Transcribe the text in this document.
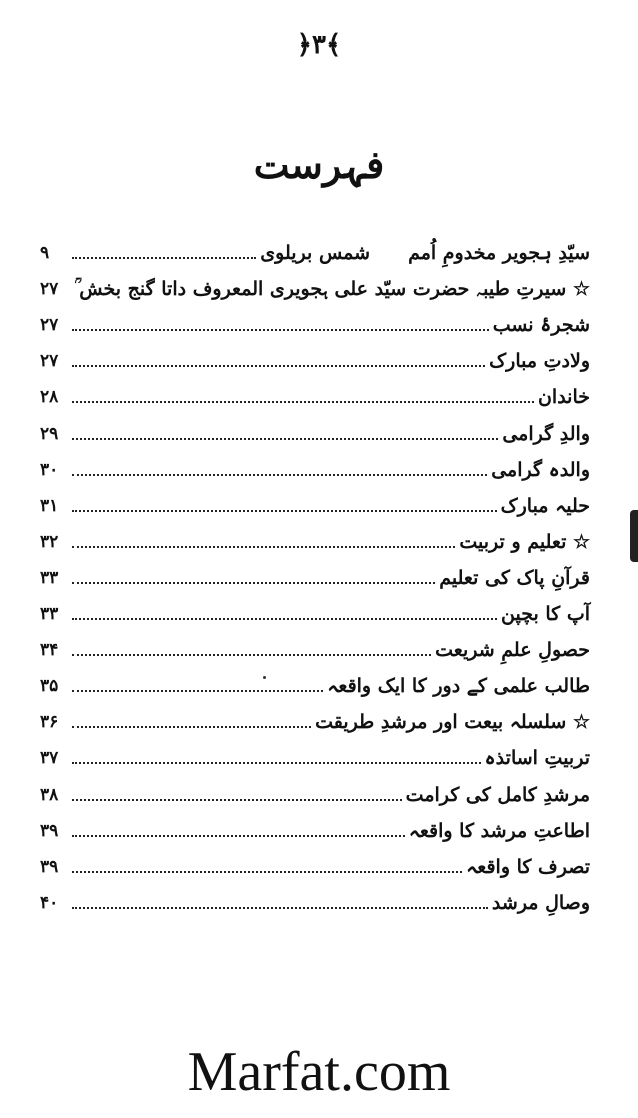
﴿۳﴾
فہرست
سیّدِ ہجویر مخدومِ اُمم
شمس بریلوی
۹
☆ سیرتِ طیبہ حضرت سیّد علی ہجویری المعروف داتا گنج بخش ؒ
۲۷
شجرۂ نسب
۲۷
ولادتِ مبارک
۲۷
خاندان
۲۸
والدِ گرامی
۲۹
والدہ گرامی
۳۰
حلیہ مبارک
۳۱
☆ تعلیم و تربیت
۳۲
قرآنِ پاک کی تعلیم
۳۳
آپ کا بچپن
۳۳
حصولِ علمِ شریعت
۳۴
طالب علمی کے دور کا ایک واقعہ
۳۵
☆ سلسلہ بیعت اور مرشدِ طریقت
۳۶
تربیتِ اساتذہ
۳۷
مرشدِ کامل کی کرامت
۳۸
اطاعتِ مرشد کا واقعہ
۳۹
تصرف کا واقعہ
۳۹
وصالِ مرشد
۴۰
Marfat.com
